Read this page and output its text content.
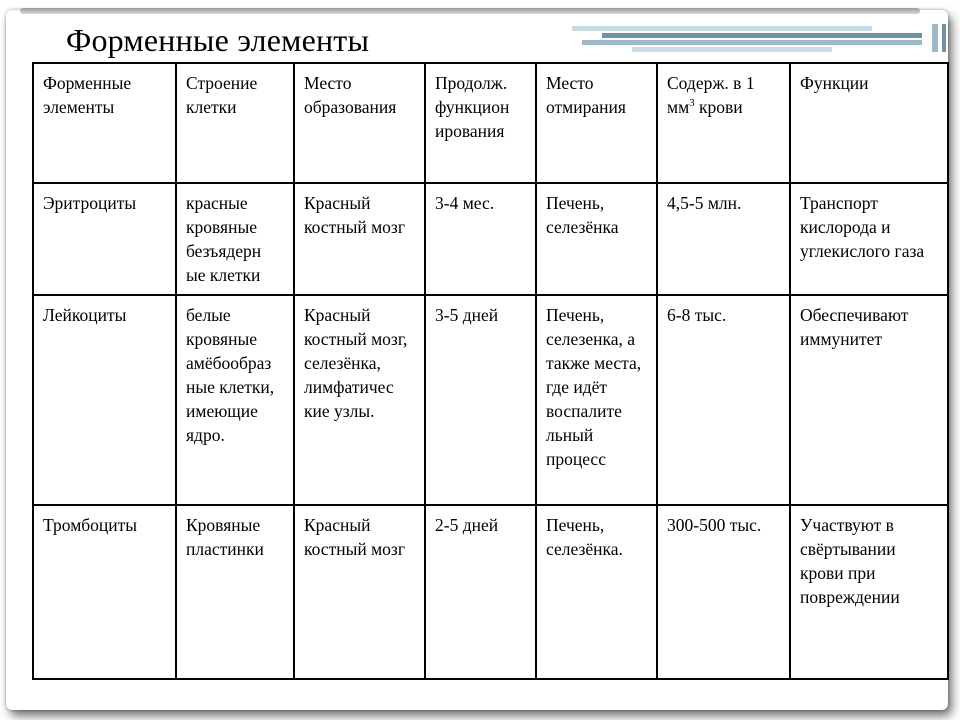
Форменные элементы
Форменные элементы	Строение клетки	Место образования	Продолж. функцион ирования	Место отмирания	Содерж. в 1 $мм^3$ крови	Функции
Эритроциты	красные кровяные безъядерн ые клетки	Красный костный мозг	3-4 мес.	Печень, селезёнка	4,5-5 млн.	Транспорт кислорода и углекислого газа
Лейкоциты	белые кровяные амёбообраз ные клетки, имеющие ядро.	Красный костный мозг, селезёнка, лимфатичес кие узлы.	3-5 дней	Печень, селезенка, а также места, где идёт воспалите льный процесс	6-8 тыс.	Обеспечивают иммунитет
Тромбоциты	Кровяные пластинки	Красный костный мозг	2-5 дней	Печень, селезёнка.	300-500 тыс.	Участвуют в свёртывании крови при повреждении
